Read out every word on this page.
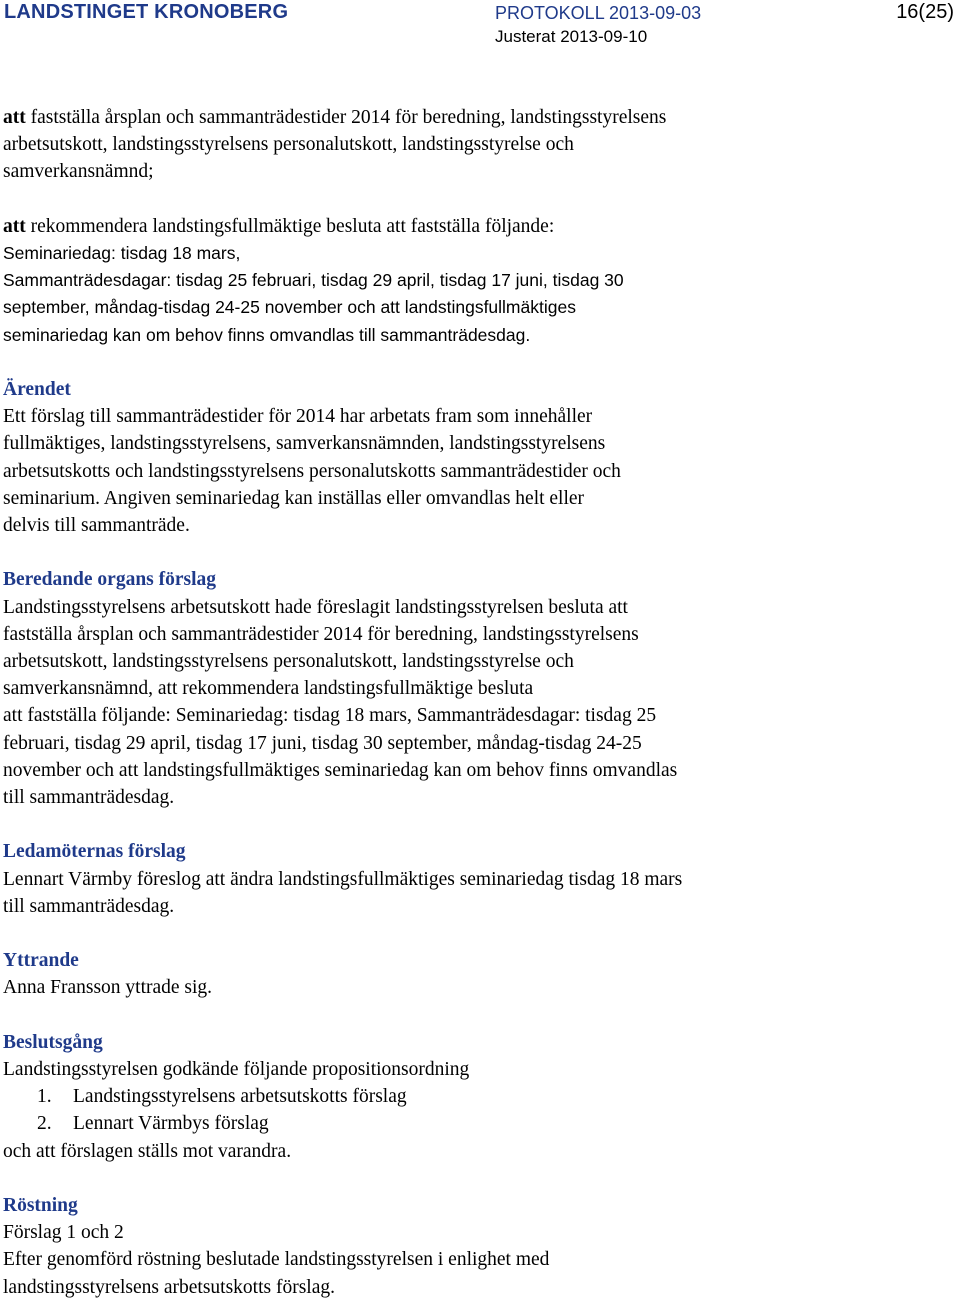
LANDSTINGET KRONOBERG	PROTOKOLL 2013-09-03
Justerat 2013-09-10
16(25)

att fastställa årsplan och sammanträdestider 2014 för beredning, landstingsstyrelsens
arbetsutskott, landstingsstyrelsens personalutskott, landstingsstyrelse och
samverkansnämnd;

att rekommendera landstingsfullmäktige besluta att fastställa följande:
Seminariedag: tisdag 18 mars,
Sammanträdesdagar: tisdag 25 februari, tisdag 29 april, tisdag 17 juni, tisdag 30
september, måndag-tisdag 24-25 november och att landstingsfullmäktiges
seminariedag kan om behov finns omvandlas till sammanträdesdag.

Ärendet

Ett förslag till sammanträdestider för 2014 har arbetats fram som innehåller
fullmäktiges, landstingsstyrelsens, samverkansnämnden, landstingsstyrelsens
arbetsutskotts och landstingsstyrelsens personalutskotts sammanträdestider och
seminarium. Angiven seminariedag kan inställas eller omvandlas helt eller
delvis till sammanträde.

Beredande organs förslag

Landstingsstyrelsens arbetsutskott hade föreslagit landstingsstyrelsen besluta att
fastställa årsplan och sammanträdestider 2014 för beredning, landstingsstyrelsens
arbetsutskott, landstingsstyrelsens personalutskott, landstingsstyrelse och
samverkansnämnd, att rekommendera landstingsfullmäktige besluta
att fastställa följande: Seminariedag: tisdag 18 mars, Sammanträdesdagar: tisdag 25
februari, tisdag 29 april, tisdag 17 juni, tisdag 30 september, måndag-tisdag 24-25
november och att landstingsfullmäktiges seminariedag kan om behov finns omvandlas
till sammanträdesdag.

Ledamöternas förslag

Lennart Värmby föreslog att ändra landstingsfullmäktiges seminariedag tisdag 18 mars
till sammanträdesdag.

Yttrande

Anna Fransson yttrade sig.

Beslutsgång

Landstingsstyrelsen godkände följande propositionsordning

1. Landstingsstyrelsens arbetsutskotts förslag
2. Lennart Värmbys förslag

och att förslagen ställs mot varandra.

Röstning

Förslag 1 och 2
Efter genomförd röstning beslutade landstingsstyrelsen i enlighet med
landstingsstyrelsens arbetsutskotts förslag.
